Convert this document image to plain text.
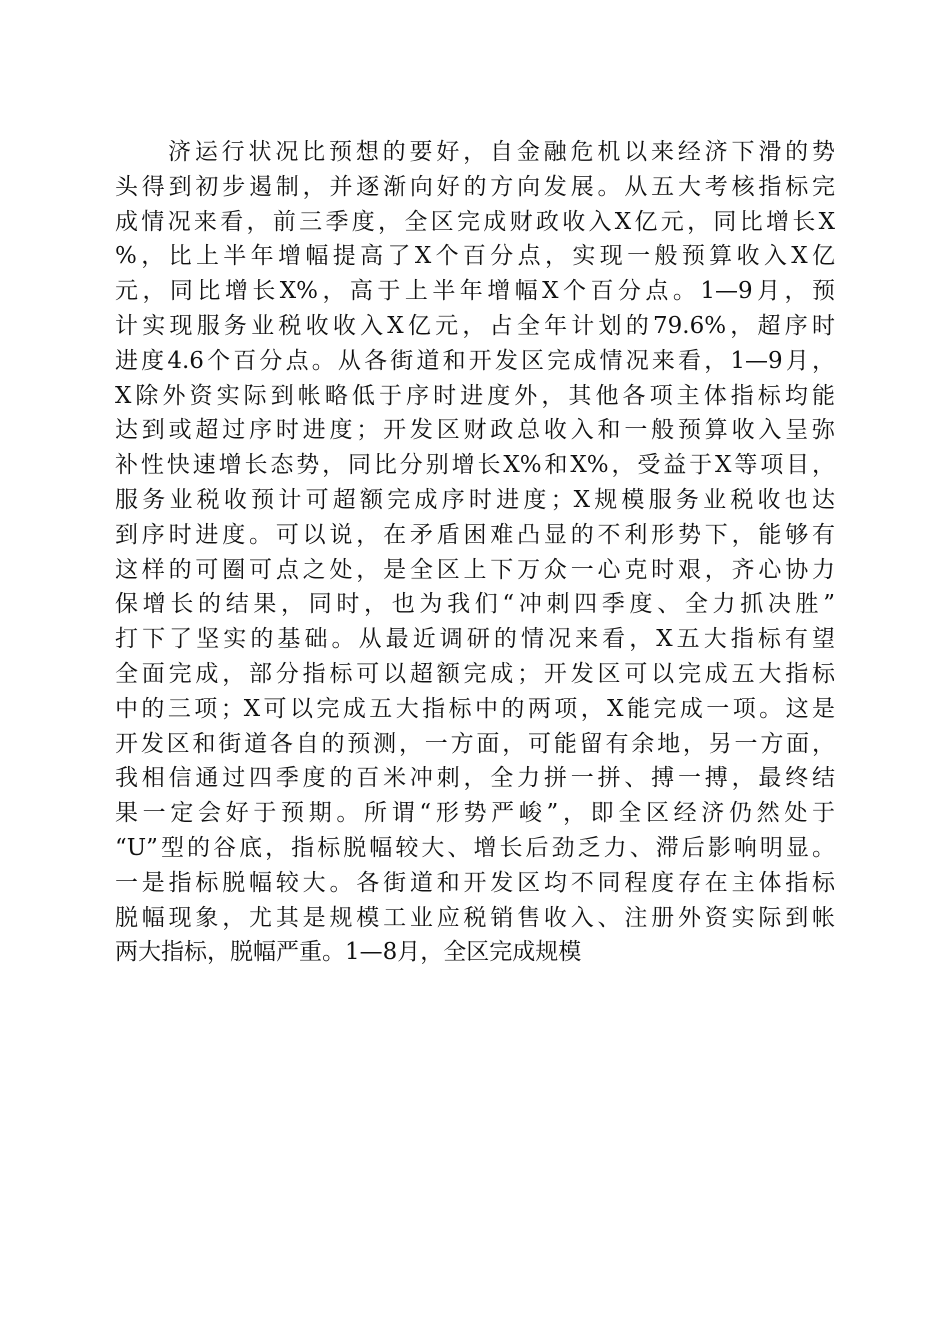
济运行状况比预想的要好，自金融危机以来经济下滑的势
头得到初步遏制，并逐渐向好的方向发展。从五大考核指标完
成情况来看，前三季度，全区完成财政收入X亿元，同比增长X
%，比上半年增幅提高了X个百分点，实现一般预算收入X亿
元，同比增长X%，高于上半年增幅X个百分点。1—9月，预
计实现服务业税收收入X亿元，占全年计划的79.6%，超序时
进度4.6个百分点。从各街道和开发区完成情况来看，1—9月，
X除外资实际到帐略低于序时进度外，其他各项主体指标均能
达到或超过序时进度；开发区财政总收入和一般预算收入呈弥
补性快速增长态势，同比分别增长X%和X%，受益于X等项目，
服务业税收预计可超额完成序时进度；X规模服务业税收也达
到序时进度。可以说，在矛盾困难凸显的不利形势下，能够有
这样的可圈可点之处，是全区上下万众一心克时艰，齐心协力
保增长的结果，同时，也为我们“冲刺四季度、全力抓决胜”
打下了坚实的基础。从最近调研的情况来看，X五大指标有望
全面完成，部分指标可以超额完成；开发区可以完成五大指标
中的三项；X可以完成五大指标中的两项，X能完成一项。这是
开发区和街道各自的预测，一方面，可能留有余地，另一方面，
我相信通过四季度的百米冲刺，全力拼一拼、搏一搏，最终结
果一定会好于预期。所谓“形势严峻”，即全区经济仍然处于
“U”型的谷底，指标脱幅较大、增长后劲乏力、滞后影响明显。
一是指标脱幅较大。各街道和开发区均不同程度存在主体指标
脱幅现象，尤其是规模工业应税销售收入、注册外资实际到帐
两大指标，脱幅严重。1—8月，全区完成规模
